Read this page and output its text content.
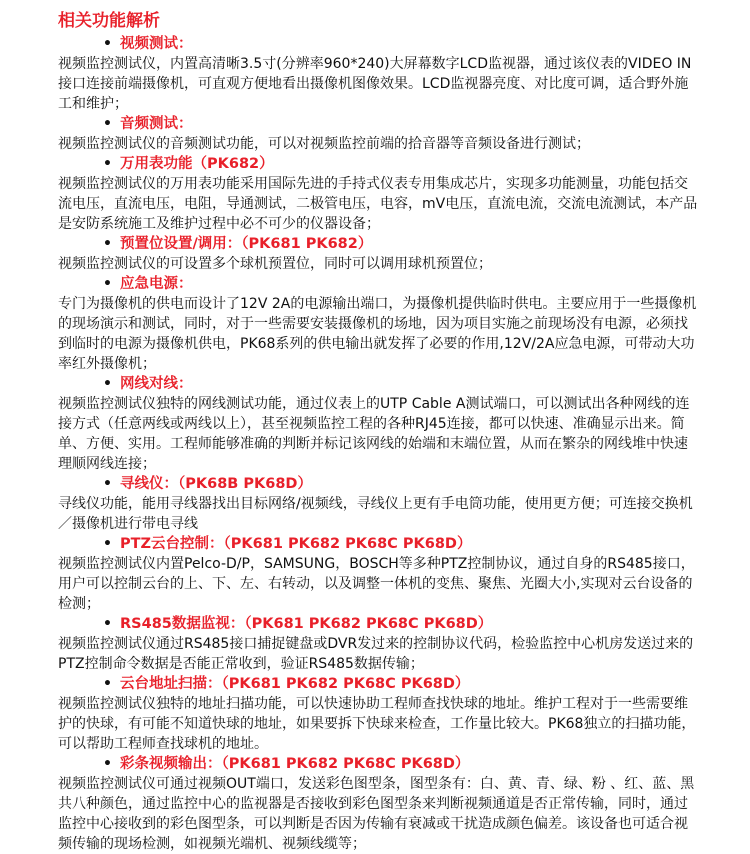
相关功能解析
• 视频测试：
视频监控测试仪，内置高清晰3.5寸(分辨率960*240)大屏幕数字LCD监视器，通过该仪表的VIDEO IN接口连接前端摄像机，可直观方便地看出摄像机图像效果。LCD监视器亮度、对比度可调，适合野外施工和维护；
• 音频测试：
视频监控测试仪的音频测试功能，可以对视频监控前端的拾音器等音频设备进行测试；
• 万用表功能（PK682）
视频监控测试仪的万用表功能采用国际先进的手持式仪表专用集成芯片，实现多功能测量，功能包括交流电压，直流电压，电阻，导通测试，二极管电压，电容，mV电压，直流电流，交流电流测试，本产品是安防系统施工及维护过程中必不可少的仪器设备；
• 预置位设置/调用：（PK681 PK682）
视频监控测试仪的可设置多个球机预置位，同时可以调用球机预置位；
• 应急电源：
专门为摄像机的供电而设计了12V 2A的电源输出端口，为摄像机提供临时供电。主要应用于一些摄像机的现场演示和测试，同时，对于一些需要安装摄像机的场地，因为项目实施之前现场没有电源，必须找到临时的电源为摄像机供电，PK68系列的供电输出就发挥了必要的作用,12V/2A应急电源，可带动大功率红外摄像机；
• 网线对线：
视频监控测试仪独特的网线测试功能，通过仪表上的UTP Cable A测试端口，可以测试出各种网线的连接方式（任意两线或两线以上），甚至视频监控工程的各种RJ45连接，都可以快速、准确显示出来。简单、方便、实用。工程师能够准确的判断并标记该网线的始端和末端位置，从而在繁杂的网线堆中快速理顺网线连接；
• 寻线仪：（PK68B PK68D）
寻线仪功能，能用寻线器找出目标网络/视频线，寻线仪上更有手电筒功能，使用更方便；可连接交换机／摄像机进行带电寻线
• PTZ云台控制：（PK681 PK682 PK68C PK68D）
视频监控测试仪内置Pelco-D/P，SAMSUNG，BOSCH等多种PTZ控制协议，通过自身的RS485接口，用户可以控制云台的上、下、左、右转动，以及调整一体机的变焦、聚焦、光圈大小,实现对云台设备的检测；
• RS485数据监视：（PK681 PK682 PK68C PK68D）
视频监控测试仪通过RS485接口捕捉键盘或DVR发过来的控制协议代码，检验监控中心机房发送过来的PTZ控制命令数据是否能正常收到，验证RS485数据传输；
• 云台地址扫描：（PK681 PK682 PK68C PK68D）
视频监控测试仪独特的地址扫描功能，可以快速协助工程师查找快球的地址。维护工程对于一些需要维护的快球，有可能不知道快球的地址，如果要拆下快球来检查，工作量比较大。PK68独立的扫描功能，可以帮助工程师查找球机的地址。
• 彩条视频输出：（PK681 PK682 PK68C PK68D）
视频监控测试仪可通过视频OUT端口，发送彩色图型条，图型条有：白、黄、青、绿、粉 、红、蓝、黑共八种颜色，通过监控中心的监视器是否接收到彩色图型条来判断视频通道是否正常传输，同时，通过监控中心接收到的彩色图型条，可以判断是否因为传输有衰减或干扰造成颜色偏差。该设备也可适合视频传输的现场检测，如视频光端机、视频线缆等；
